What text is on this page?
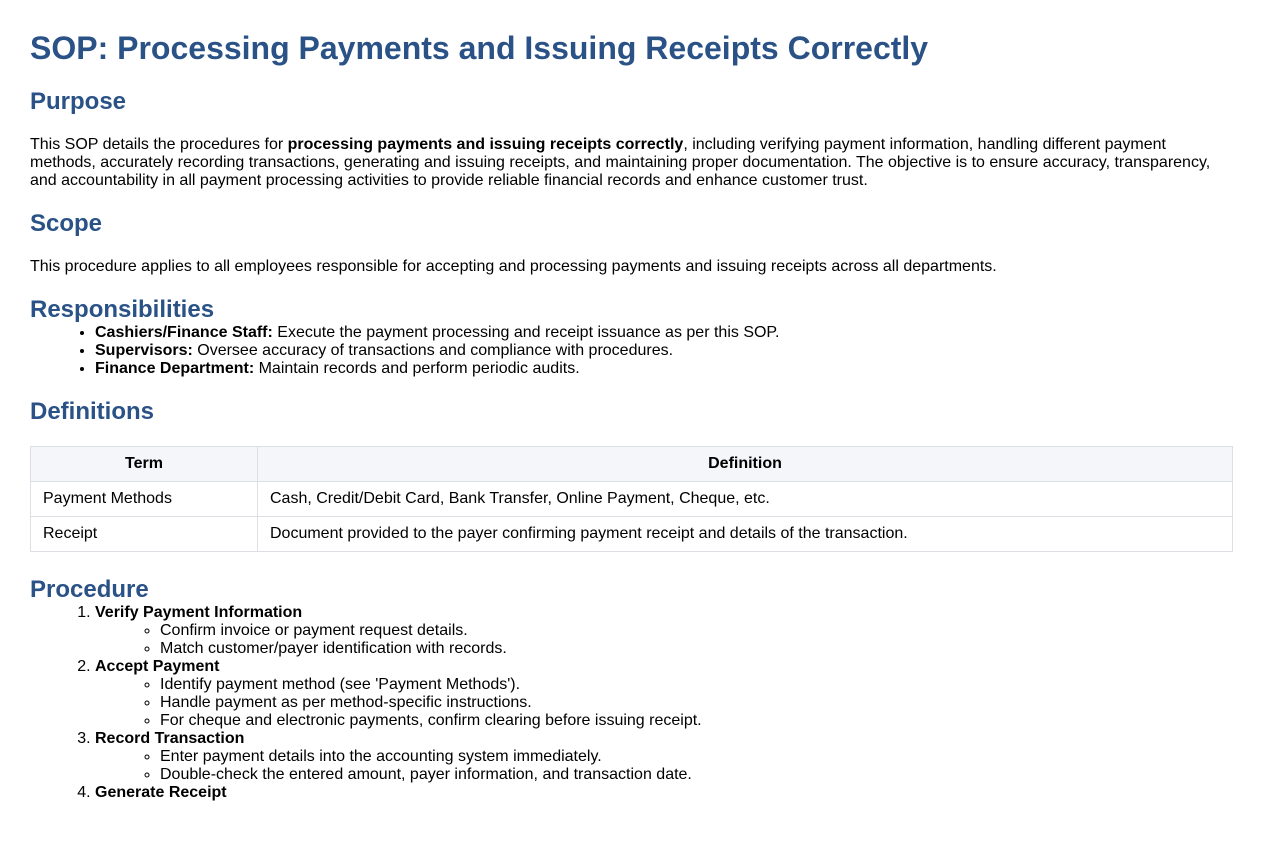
SOP: Processing Payments and Issuing Receipts Correctly
Purpose

This SOP details the procedures for processing payments and issuing receipts correctly, including verifying payment information, handling different payment methods, accurately recording transactions, generating and issuing receipts, and maintaining proper documentation. The objective is to ensure accuracy, transparency, and accountability in all payment processing activities to provide reliable financial records and enhance customer trust.

Scope

This procedure applies to all employees responsible for accepting and processing payments and issuing receipts across all departments.

Responsibilities
• Cashiers/Finance Staff: Execute the payment processing and receipt issuance as per this SOP.
• Supervisors: Oversee accuracy of transactions and compliance with procedures.
• Finance Department: Maintain records and perform periodic audits.
Definitions
Term	Definition
Payment Methods	Cash, Credit/Debit Card, Bank Transfer, Online Payment, Cheque, etc.
Receipt	Document provided to the payer confirming payment receipt and details of the transaction.
Procedure
1. Verify Payment Information
◦ Confirm invoice or payment request details.
◦ Match customer/payer identification with records.
2. Accept Payment
◦ Identify payment method (see 'Payment Methods').
◦ Handle payment as per method-specific instructions.
◦ For cheque and electronic payments, confirm clearing before issuing receipt.
3. Record Transaction
◦ Enter payment details into the accounting system immediately.
◦ Double-check the entered amount, payer information, and transaction date.
4. Generate Receipt
